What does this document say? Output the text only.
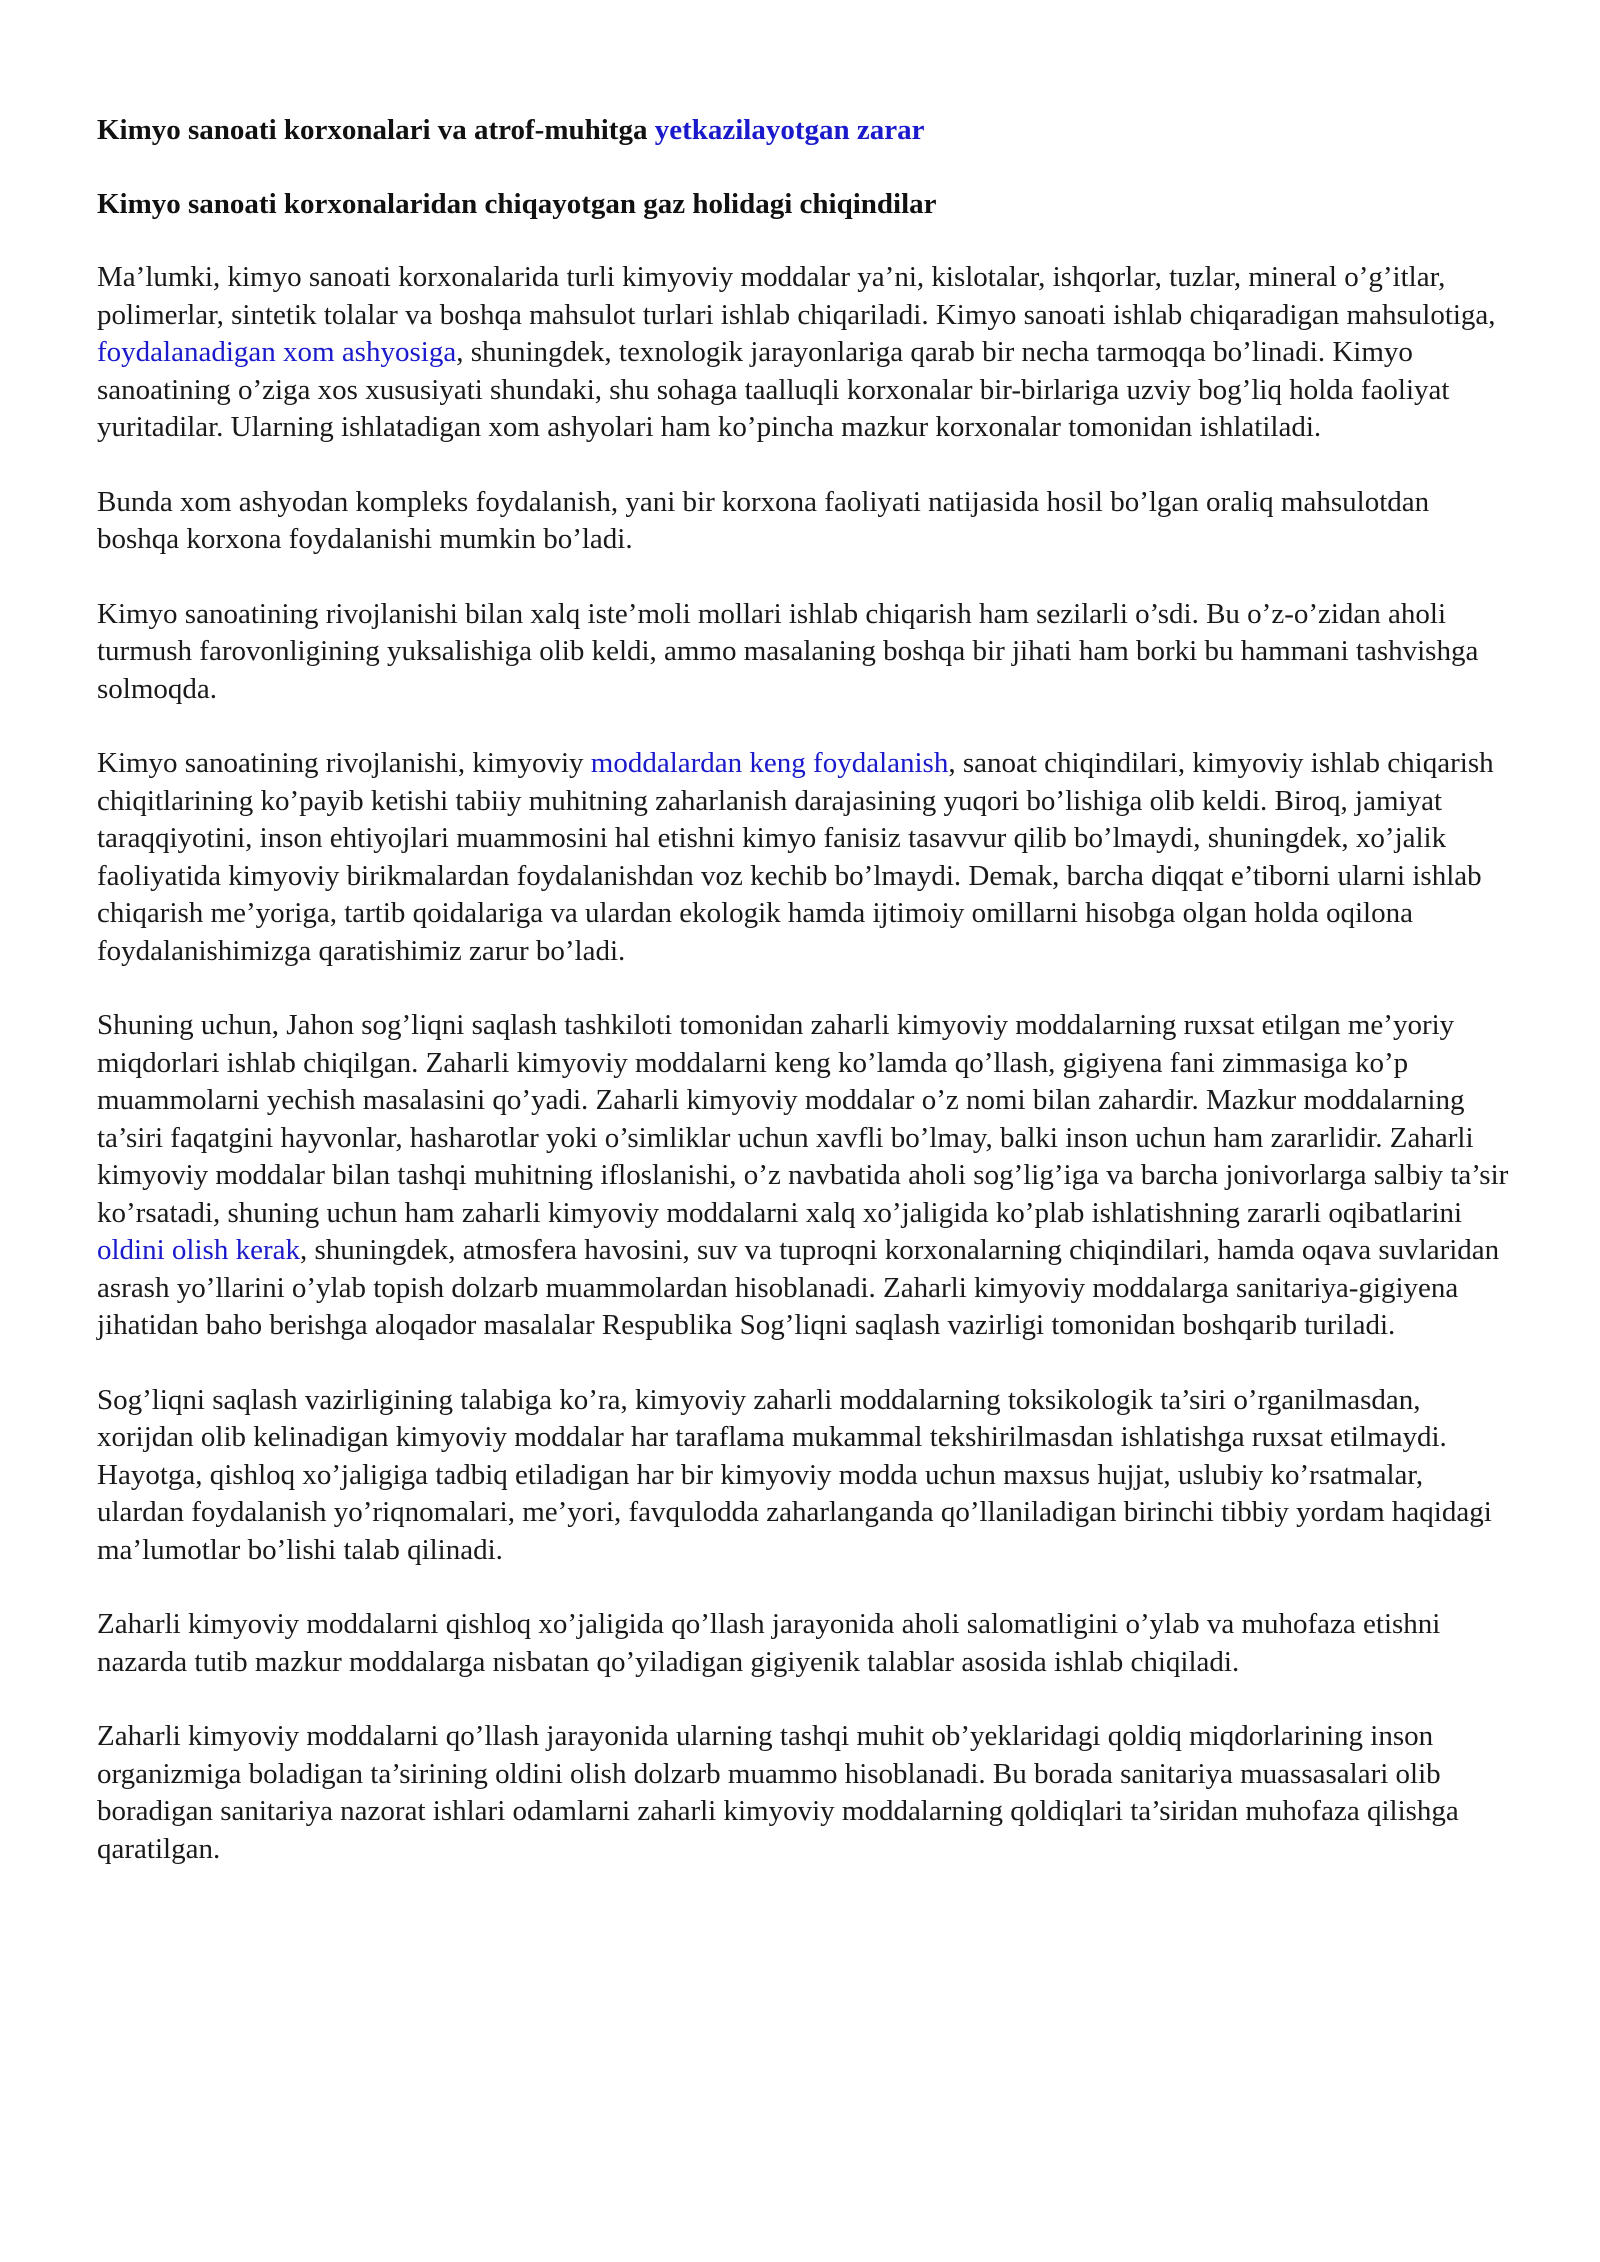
Kimyo sanoati korxonalari va atrof-muhitga yetkazilayotgan zarar
Kimyo sanoati korxonalaridan chiqayotgan gaz holidagi chiqindilar

Ma’lumki, kimyo sanoati korxonalarida turli kimyoviy moddalar ya’ni, kislotalar, ishqorlar, tuzlar, mineral o’g’itlar, polimerlar, sintetik tolalar va boshqa mahsulot turlari ishlab chiqariladi. Kimyo sanoati ishlab chiqaradigan mahsulotiga, foydalanadigan xom ashyosiga, shuningdek, texnologik jarayonlariga qarab bir necha tarmoqqa bo’linadi. Kimyo sanoatining o’ziga xos xususiyati shundaki, shu sohaga taalluqli korxonalar bir-birlariga uzviy bog’liq holda faoliyat yuritadilar. Ularning ishlatadigan xom ashyolari ham ko’pincha mazkur korxonalar tomonidan ishlatiladi.

Bunda xom ashyodan kompleks foydalanish, yani bir korxona faoliyati natijasida hosil bo’lgan oraliq mahsulotdan boshqa korxona foydalanishi mumkin bo’ladi.

Kimyo sanoatining rivojlanishi bilan xalq iste’moli mollari ishlab chiqarish ham sezilarli o’sdi. Bu o’z-o’zidan aholi turmush farovonligining yuksalishiga olib keldi, ammo masalaning boshqa bir jihati ham borki bu hammani tashvishga solmoqda.

Kimyo sanoatining rivojlanishi, kimyoviy moddalardan keng foydalanish, sanoat chiqindilari, kimyoviy ishlab chiqarish chiqitlarining ko’payib ketishi tabiiy muhitning zaharlanish darajasining yuqori bo’lishiga olib keldi. Biroq, jamiyat taraqqiyotini, inson ehtiyojlari muammosini hal etishni kimyo fanisiz tasavvur qilib bo’lmaydi, shuningdek, xo’jalik faoliyatida kimyoviy birikmalardan foydalanishdan voz kechib bo’lmaydi. Demak, barcha diqqat e’tiborni ularni ishlab chiqarish me’yoriga, tartib qoidalariga va ulardan ekologik hamda ijtimoiy omillarni hisobga olgan holda oqilona foydalanishimizga qaratishimiz zarur bo’ladi.

Shuning uchun, Jahon sog’liqni saqlash tashkiloti tomonidan zaharli kimyoviy moddalarning ruxsat etilgan me’yoriy miqdorlari ishlab chiqilgan. Zaharli kimyoviy moddalarni keng ko’lamda qo’llash, gigiyena fani zimmasiga ko’p muammolarni yechish masalasini qo’yadi. Zaharli kimyoviy moddalar o’z nomi bilan zahardir. Mazkur moddalarning ta’siri faqatgini hayvonlar, hasharotlar yoki o’simliklar uchun xavfli bo’lmay, balki inson uchun ham zararlidir. Zaharli kimyoviy moddalar bilan tashqi muhitning ifloslanishi, o’z navbatida aholi sog’lig’iga va barcha jonivorlarga salbiy ta’sir ko’rsatadi, shuning uchun ham zaharli kimyoviy moddalarni xalq xo’jaligida ko’plab ishlatishning zararli oqibatlarini oldini olish kerak, shuningdek, atmosfera havosini, suv va tuproqni korxonalarning chiqindilari, hamda oqava suvlaridan asrash yo’llarini o’ylab topish dolzarb muammolardan hisoblanadi. Zaharli kimyoviy moddalarga sanitariya-gigiyena jihatidan baho berishga aloqador masalalar Respublika Sog’liqni saqlash vazirligi tomonidan boshqarib turiladi.

Sog’liqni saqlash vazirligining talabiga ko’ra, kimyoviy zaharli moddalarning toksikologik ta’siri o’rganilmasdan, xorijdan olib kelinadigan kimyoviy moddalar har taraflama mukammal tekshirilmasdan ishlatishga ruxsat etilmaydi. Hayotga, qishloq xo’jaligiga tadbiq etiladigan har bir kimyoviy modda uchun maxsus hujjat, uslubiy ko’rsatmalar, ulardan foydalanish yo’riqnomalari, me’yori, favqulodda zaharlanganda qo’llaniladigan birinchi tibbiy yordam haqidagi ma’lumotlar bo’lishi talab qilinadi.

Zaharli kimyoviy moddalarni qishloq xo’jaligida qo’llash jarayonida aholi salomatligini o’ylab va muhofaza etishni nazarda tutib mazkur moddalarga nisbatan qo’yiladigan gigiyenik talablar asosida ishlab chiqiladi.

Zaharli kimyoviy moddalarni qo’llash jarayonida ularning tashqi muhit ob’yeklaridagi qoldiq miqdorlarining inson organizmiga boladigan ta’sirining oldini olish dolzarb muammo hisoblanadi. Bu borada sanitariya muassasalari olib boradigan sanitariya nazorat ishlari odamlarni zaharli kimyoviy moddalarning qoldiqlari ta’siridan muhofaza qilishga qaratilgan.
